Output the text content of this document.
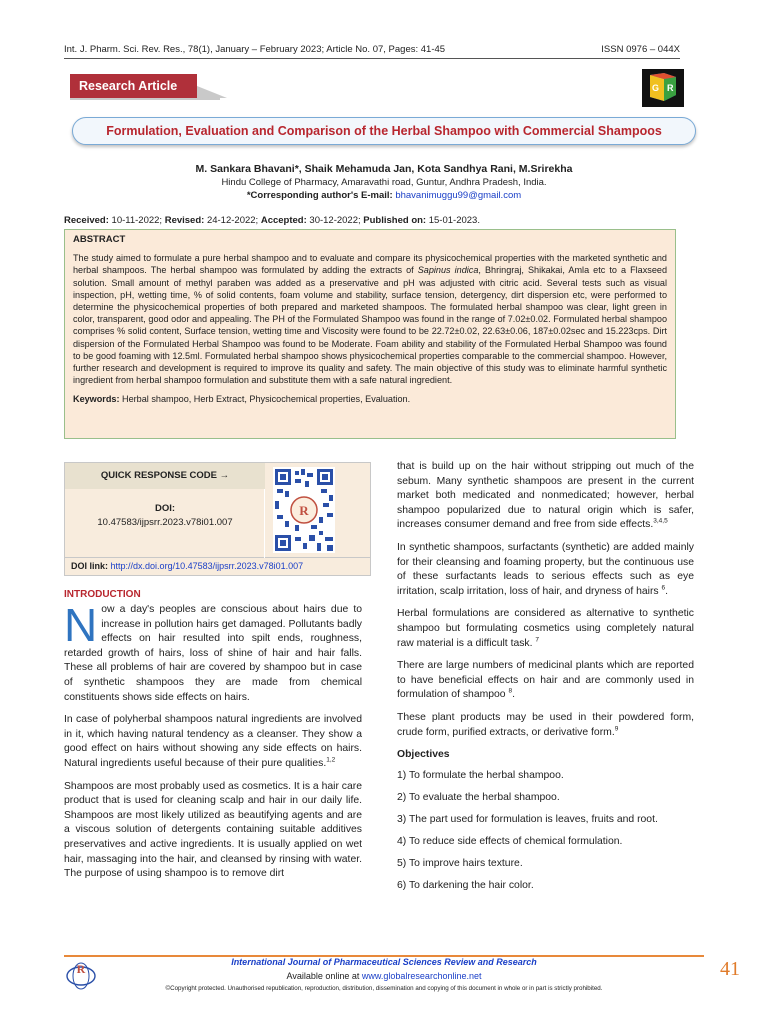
Int. J. Pharm. Sci. Rev. Res., 78(1), January – February 2023; Article No. 07, Pages: 41-45	ISSN 0976 – 044X
Research Article	G R
Formulation, Evaluation and Comparison of the Herbal Shampoo with Commercial Shampoos
M. Sankara Bhavani*, Shaik Mehamuda Jan, Kota Sandhya Rani, M.Srirekha
Hindu College of Pharmacy, Amaravathi road, Guntur, Andhra Pradesh, India.
*Corresponding author's E-mail: bhavanimuggu99@gmail.com
Received: 10-11-2022; Revised: 24-12-2022; Accepted: 30-12-2022; Published on: 15-01-2023.
ABSTRACT
The study aimed to formulate a pure herbal shampoo and to evaluate and compare its physicochemical properties with the marketed synthetic and herbal shampoos. The herbal shampoo was formulated by adding the extracts of Sapinus indica, Bhringraj, Shikakai, Amla etc to a Flaxseed solution. Small amount of methyl paraben was added as a preservative and pH was adjusted with citric acid. Several tests such as visual inspection, pH, wetting time, % of solid contents, foam volume and stability, surface tension, detergency, dirt dispersion etc, were performed to determine the physicochemical properties of both prepared and marketed shampoos. The formulated herbal shampoo was clear, light green in color, transparent, good odor and appealing. The PH of the Formulated Shampoo was found in the range of 7.02±0.02. Formulated herbal shampoo comprises % solid content, Surface tension, wetting time and Viscosity were found to be 22.72±0.02, 22.63±0.06, 187±0.02sec and 15.223cps. Dirt dispersion of the Formulated Herbal Shampoo was found to be Moderate. Foam ability and stability of the Formulated Herbal Shampoo was found to be good foaming with 12.5ml. Formulated herbal shampoo shows physicochemical properties comparable to the commercial shampoo. However, further research and development is required to improve its quality and safety. The main objective of this study was to eliminate harmful synthetic ingredient from herbal shampoo formulation and substitute them with a safe natural ingredient.
Keywords: Herbal shampoo, Herb Extract, Physicochemical properties, Evaluation.
QUICK RESPONSE CODE →
DOI:
10.47583/ijpsrr.2023.v78i01.007
R
DOI link: http://dx.doi.org/10.47583/ijpsrr.2023.v78i01.007
INTRODUCTION

Now a day's peoples are conscious about hairs due to increase in pollution hairs get damaged. Pollutants badly effects on hair resulted into spilt ends, roughness, retarded growth of hairs, loss of shine of hair and hair falls. These all problems of hair are covered by shampoo but in case of synthetic shampoos they are made from chemical constituents shows side effects on hairs.

In case of polyherbal shampoos natural ingredients are involved in it, which having natural tendency as a cleanser. They show a good effect on hairs without showing any side effects on hairs. Natural ingredients useful because of their pure qualities.$^{1,2}$

Shampoos are most probably used as cosmetics. It is a hair care product that is used for cleaning scalp and hair in our daily life. Shampoos are most likely utilized as beautifying agents and are a viscous solution of detergents containing suitable additives preservatives and active ingredients. It is usually applied on wet hair, massaging into the hair, and cleansed by rinsing with water. The purpose of using shampoo is to remove dirt

that is build up on the hair without stripping out much of the sebum. Many synthetic shampoos are present in the current market both medicated and nonmedicated; however, herbal shampoo popularized due to natural origin which is safer, increases consumer demand and free from side effects.$^{3,4,5}$

In synthetic shampoos, surfactants (synthetic) are added mainly for their cleansing and foaming property, but the continuous use of these surfactants leads to serious effects such as eye irritation, scalp irritation, loss of hair, and dryness of hairs $^6$.

Herbal formulations are considered as alternative to synthetic shampoo but formulating cosmetics using completely natural raw material is a difficult task. $^7$

There are large numbers of medicinal plants which are reported to have beneficial effects on hair and are commonly used in formulation of shampoo $^8$.

These plant products may be used in their powdered form, crude form, purified extracts, or derivative form.$^9$

Objectives
1) To formulate the herbal shampoo.
2) To evaluate the herbal shampoo.
3) The part used for formulation is leaves, fruits and root.
4) To reduce side effects of chemical formulation.
5) To improve hairs texture.
6) To darkening the hair color.
R	International Journal of Pharmaceutical Sciences Review and Research
Available online at www.globalresearchonline.net
©Copyright protected. Unauthorised republication, reproduction, distribution, dissemination and copying of this document in whole or in part is strictly prohibited.
41
